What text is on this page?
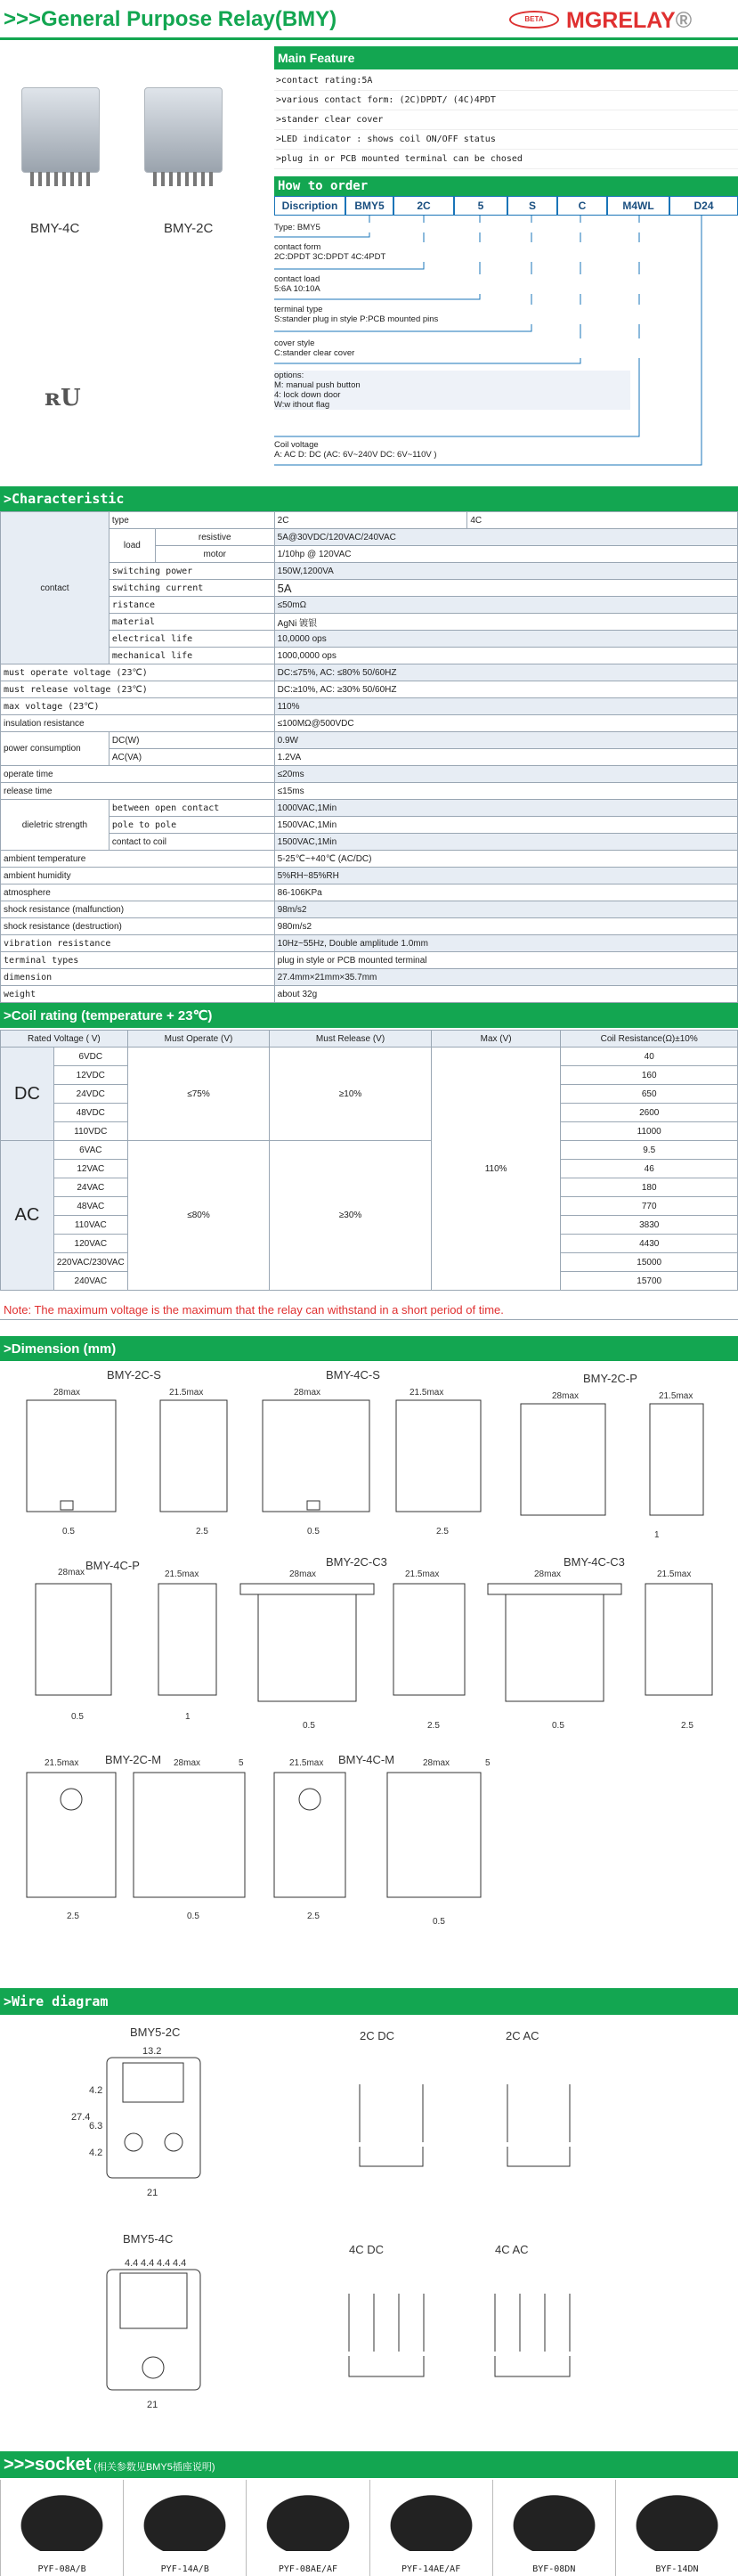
>>>General Purpose Relay(BMY)	BETA	MGRELAY®
BMY-4C	BMY-2C
ʀU
Main Feature
>contact rating:5A
>various contact form: (2C)DPDT/ (4C)4PDT
>stander clear cover
>LED indicator : shows coil ON/OFF status
>plug in or PCB mounted terminal can be chosed
How to order
Discription	BMY5	2C	5	S	C	M4WL	D24
Type: BMY5
contact form
2C:DPDT 3C:DPDT 4C:4PDT
contact load
5:6A 10:10A
terminal type
S:stander plug in style P:PCB mounted pins
cover style
C:stander clear cover
options:
M: manual push button
4: lock down door
W:w ithout flag
Coil voltage
A: AC D: DC (AC: 6V~240V DC: 6V~110V )
>Characteristic
contact	type		2C	4C
	load	resistive	5A@30VDC/120VAC/240VAC	
		motor	1/10hp @ 120VAC	
	switching power		150W,1200VA	
	switching current		5A	
	ristance		≤50mΩ	
	material		AgNi 镀银	
	electrical life		10,0000 ops	
	mechanical life		1000,0000 ops	
must operate voltage (23℃)			DC:≤75%, AC: ≤80% 50/60HZ	
must release voltage (23℃)			DC:≥10%, AC: ≥30% 50/60HZ	
max voltage (23℃)			110%	
insulation resistance			≤100MΩ@500VDC	
power consumption	DC(W)		0.9W	
	AC(VA)		1.2VA	
operate time			≤20ms	
release time			≤15ms	
dieletric strength	between open contact		1000VAC,1Min	
	pole to pole		1500VAC,1Min	
	contact to coil		1500VAC,1Min	
ambient temperature			5-25℃~+40℃ (AC/DC)	
ambient humidity			5%RH~85%RH	
atmosphere			86-106KPa	
shock resistance (malfunction)			98m/s2	
shock resistance (destruction)			980m/s2	
vibration resistance			10Hz~55Hz, Double amplitude 1.0mm	
terminal types			plug in style or PCB mounted terminal	
dimension			27.4mm×21mm×35.7mm	
weight			about 32g	
>Coil rating (temperature + 23℃)
Rated Voltage ( V)		Must Operate (V)	Must Release (V)	Max (V)	Coil Resistance(Ω)±10%
DC	6VDC	≤75%	≥10%	110%	40
	12VDC				160
	24VDC				650
	48VDC				2600
	110VDC				11000
AC	6VAC	≤80%	≥30%		9.5
	12VAC				46
	24VAC				180
	48VAC				770
	110VAC				3830
	120VAC				4430
	220VAC/230VAC				15000
	240VAC				15700
Note: The maximum voltage is the maximum that the relay can withstand in a short period of time.
>Dimension (mm)
BMY-2C-S	BMY-4C-S	BMY-2C-P
BMY-4C-P	BMY-2C-C3	BMY-4C-C3
BMY-2C-M	BMY-4C-M
28max	21.5max	28max	21.5max	28max	21.5max
0.5	2.5	0.5	2.5	1
28max	21.5max	28max	21.5max	28max	21.5max
0.5	1
0.5	2.5	0.5	2.5
21.5max	28max	5	21.5max	28max	5
2.5	0.5	2.5
0.5
>Wire diagram
BMY5-2C	2C DC	2C AC
BMY5-4C
4C DC	4C AC
13.2
27.4
4.2
6.3
4.2
21
4.4 4.4 4.4 4.4
21
>>>socket (相关参数见BMY5插座说明)
PYF-08A/B	PYF-14A/B	PYF-08AE/AF	PYF-14AE/AF	BYF-08DN	BYF-14DN
